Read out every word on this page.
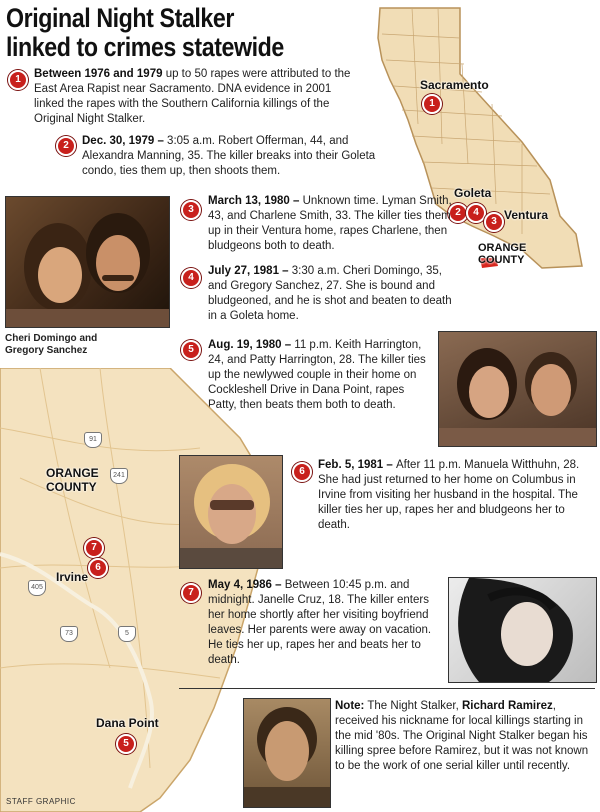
Original Night Stalker
linked to crimes statewide
Sacramento
1
Goleta
2	4
3 Ventura
ORANGE
COUNTY
1	Between 1976 and 1979 up to 50 rapes were attributed to the East Area Rapist near Sacramento. DNA evidence in 2001 linked the rapes with the Southern California killings of the Original Night Stalker.
2	Dec. 30, 1979 – 3:05 a.m. Robert Offerman, 44, and Alexandra Manning, 35. The killer breaks into their Goleta condo, ties them up, then shoots them.
Cheri Domingo and
Gregory Sanchez
3
March 13, 1980 – Unknown time. Lyman Smith, 43, and Charlene Smith, 33. The killer ties them up in their Ventura home, rapes Charlene, then bludgeons both to death.
4
July 27, 1981 – 3:30 a.m. Cheri Domingo, 35, and Gregory Sanchez, 27. She is bound and bludgeoned, and he is shot and beaten to death in a Goleta home.
5	Aug. 19, 1980 – 11 p.m. Keith Harrington, 24, and Patty Harrington, 28. The killer ties up the newlywed couple in their home on Cockleshell Drive in Dana Point, rapes Patty, then beats them both to death.
91
241
405
73	5
ORANGE
COUNTY
7
6
Irvine
Dana Point
5
6
Feb. 5, 1981 – After 11 p.m. Manuela Witthuhn, 28. She had just returned to her home on Columbus in Irvine from visiting her husband in the hospital. The killer ties her up, rapes her and bludgeons her to death.
7
May 4, 1986 – Between 10:45 p.m. and midnight. Janelle Cruz, 18. The killer enters her home shortly after her visiting boyfriend leaves. Her parents were away on vacation. He ties her up, rapes her and beats her to death.
Note: The Night Stalker, Richard Ramirez, received his nickname for local killings starting in the mid '80s. The Original Night Stalker began his killing spree before Ramirez, but it was not known to be the work of one serial killer until recently.
STAFF GRAPHIC
